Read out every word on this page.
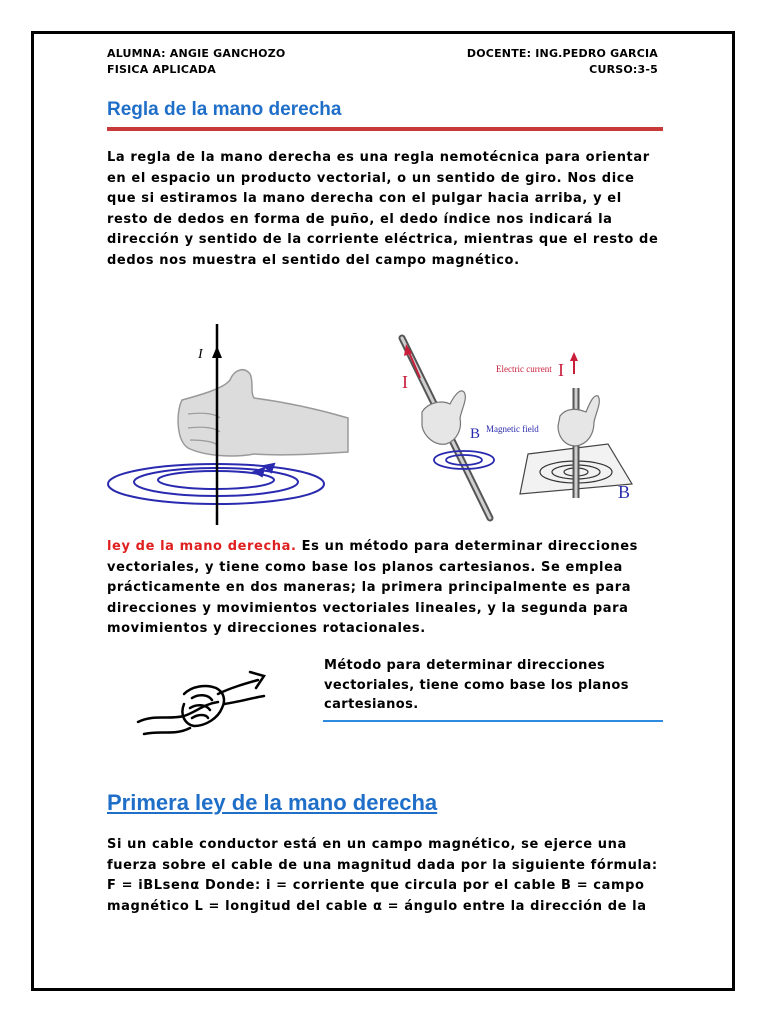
ALUMNA: ANGIE GANCHOZO
FISICA APLICADA
DOCENTE: ING.PEDRO GARCIA
CURSO:3-5
Regla de la mano derecha
La regla de la mano derecha es una regla nemotécnica para orientar en el espacio un producto vectorial, o un sentido de giro. Nos dice que si estiramos la mano derecha con el pulgar hacia arriba, y el resto de dedos en forma de puño, el dedo índice nos indicará la dirección y sentido de la corriente eléctrica, mientras que el resto de dedos nos muestra el sentido del campo magnético.
I
I
B Magnetic field
Electric current I
B
ley de la mano derecha. Es un método para determinar direcciones vectoriales, y tiene como base los planos cartesianos. Se emplea prácticamente en dos maneras; la primera principalmente es para direcciones y movimientos vectoriales lineales, y la segunda para movimientos y direcciones rotacionales.
Método para determinar direcciones vectoriales, tiene como base los planos cartesianos.
Primera ley de la mano derecha
Si un cable conductor está en un campo magnético, se ejerce una fuerza sobre el cable de una magnitud dada por la siguiente fórmula: F = iBLsenα Donde: i = corriente que circula por el cable B = campo magnético L = longitud del cable α = ángulo entre la dirección de la
